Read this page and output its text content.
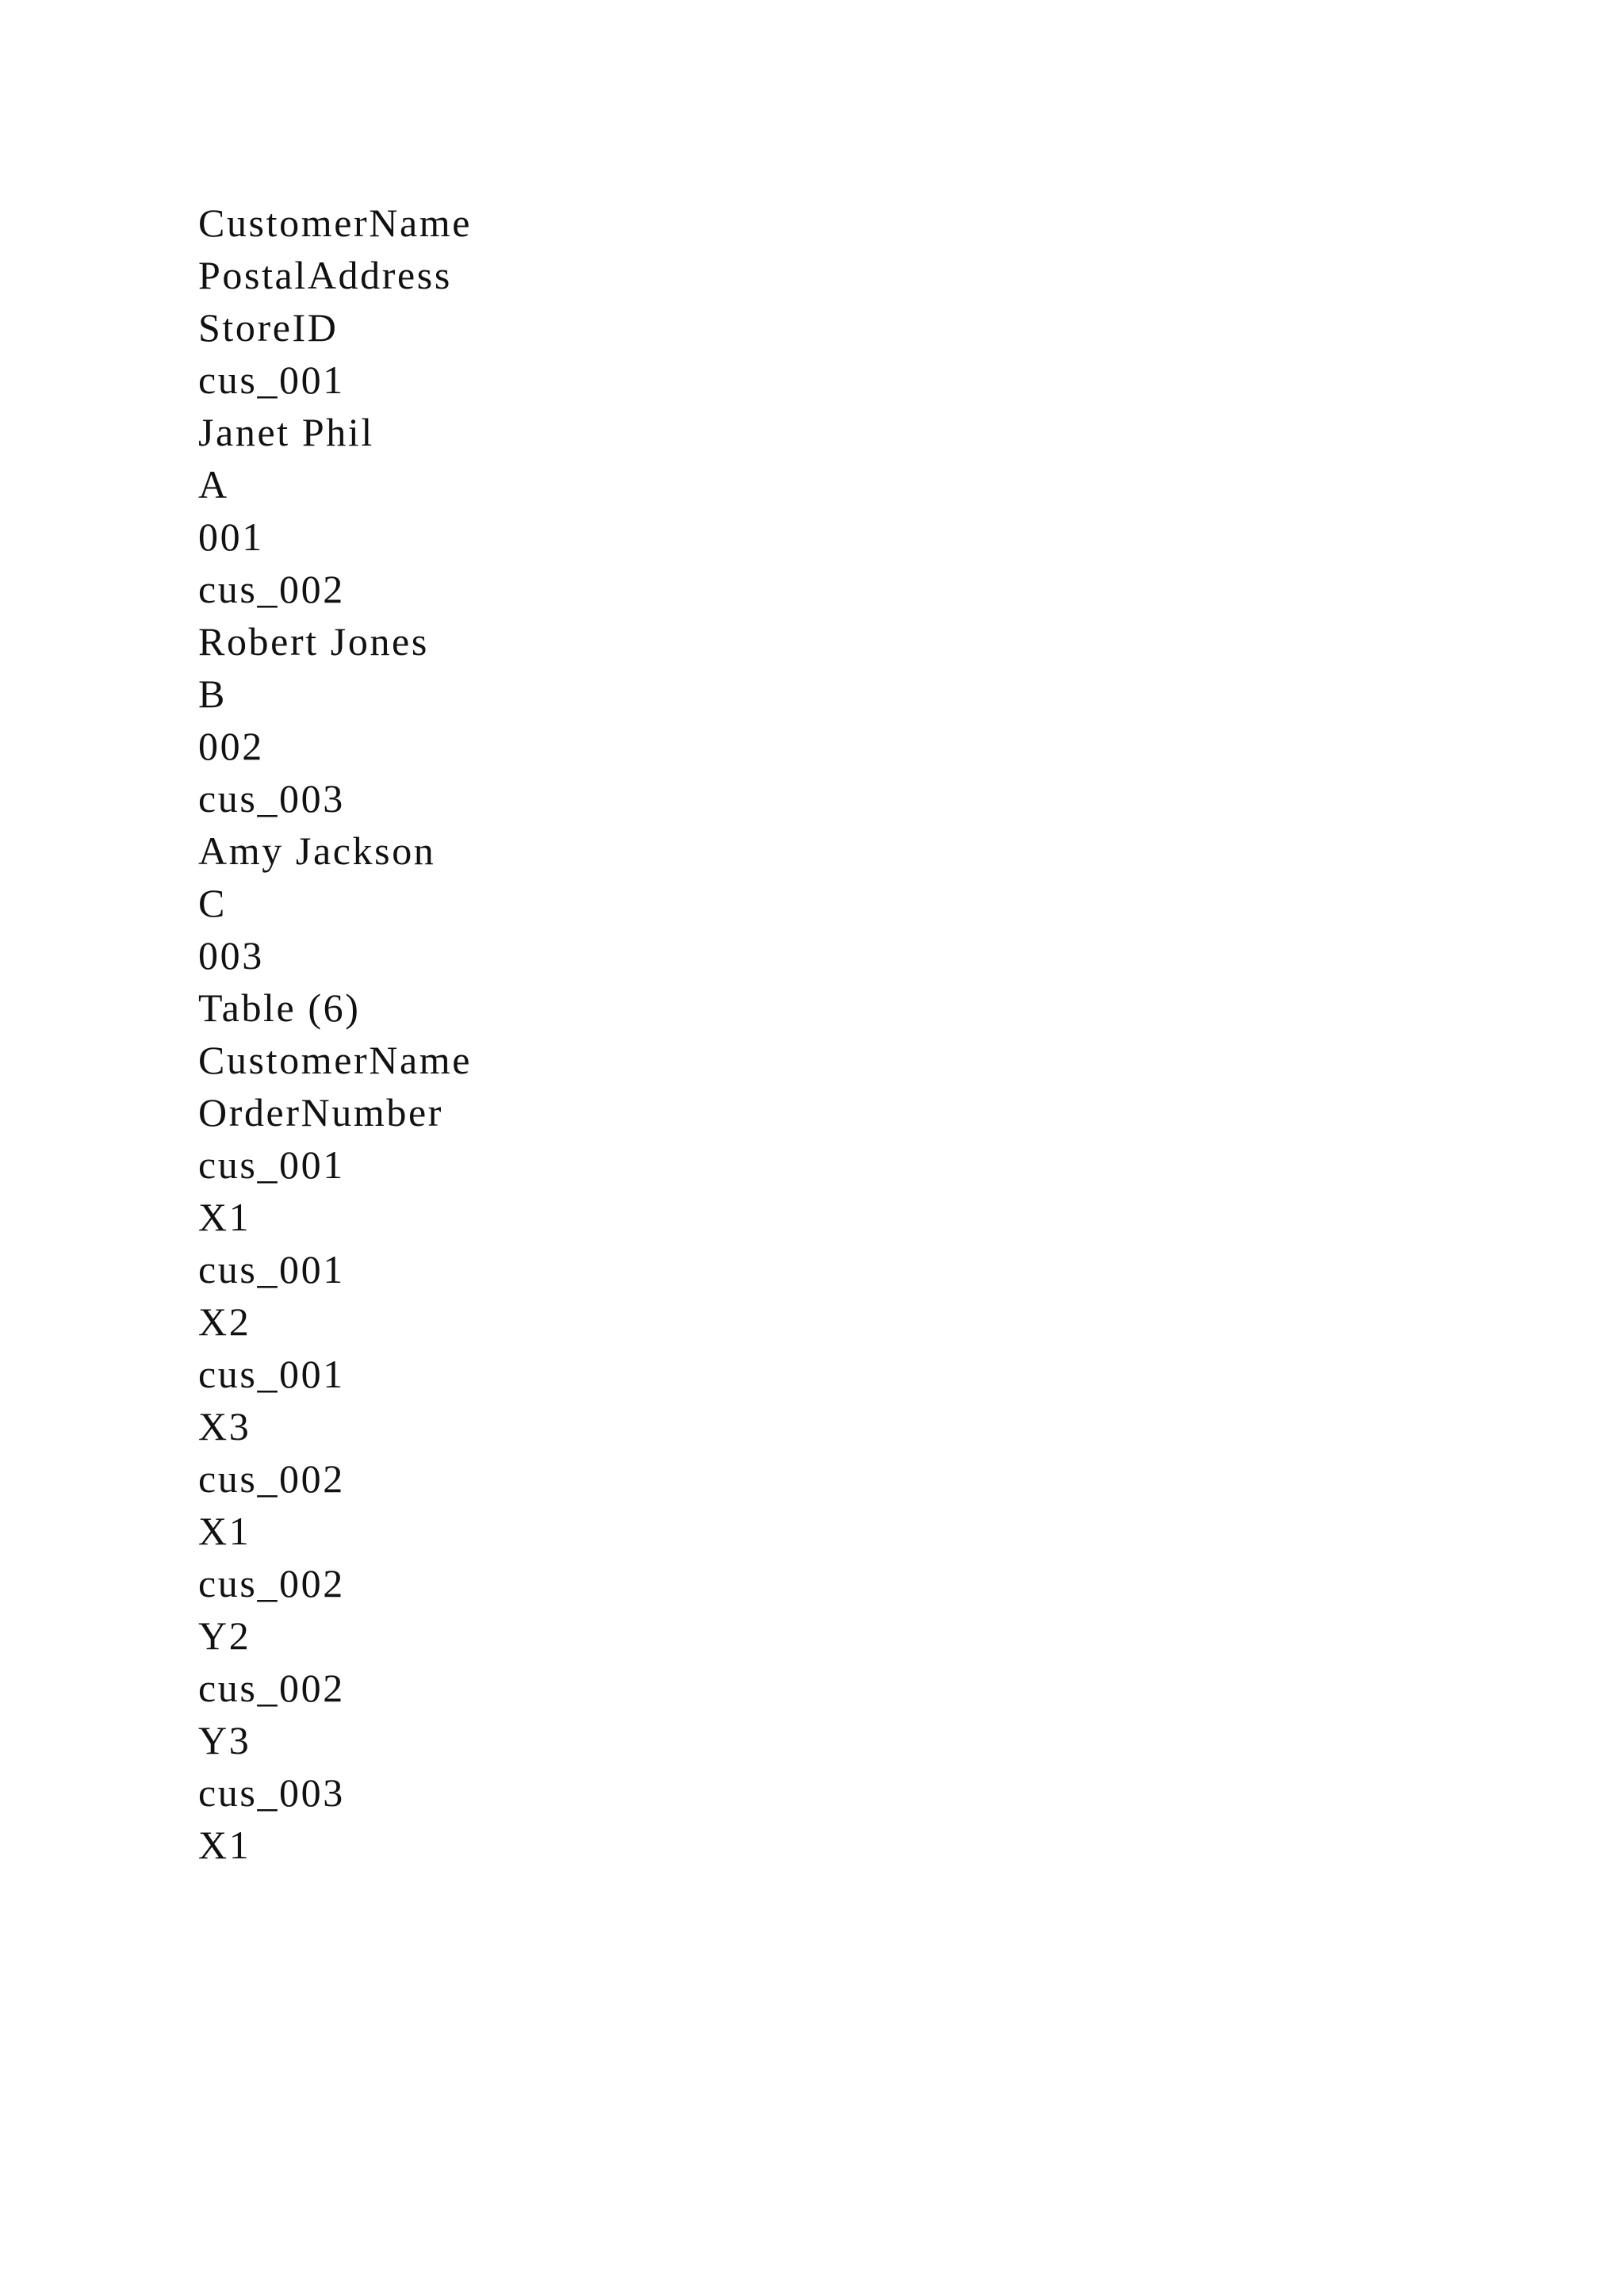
CustomerName
PostalAddress
StoreID
cus_001
Janet Phil
A
001
cus_002
Robert Jones
B
002
cus_003
Amy Jackson
C
003
Table (6)
CustomerName
OrderNumber
cus_001
X1
cus_001
X2
cus_001
X3
cus_002
X1
cus_002
Y2
cus_002
Y3
cus_003
X1
